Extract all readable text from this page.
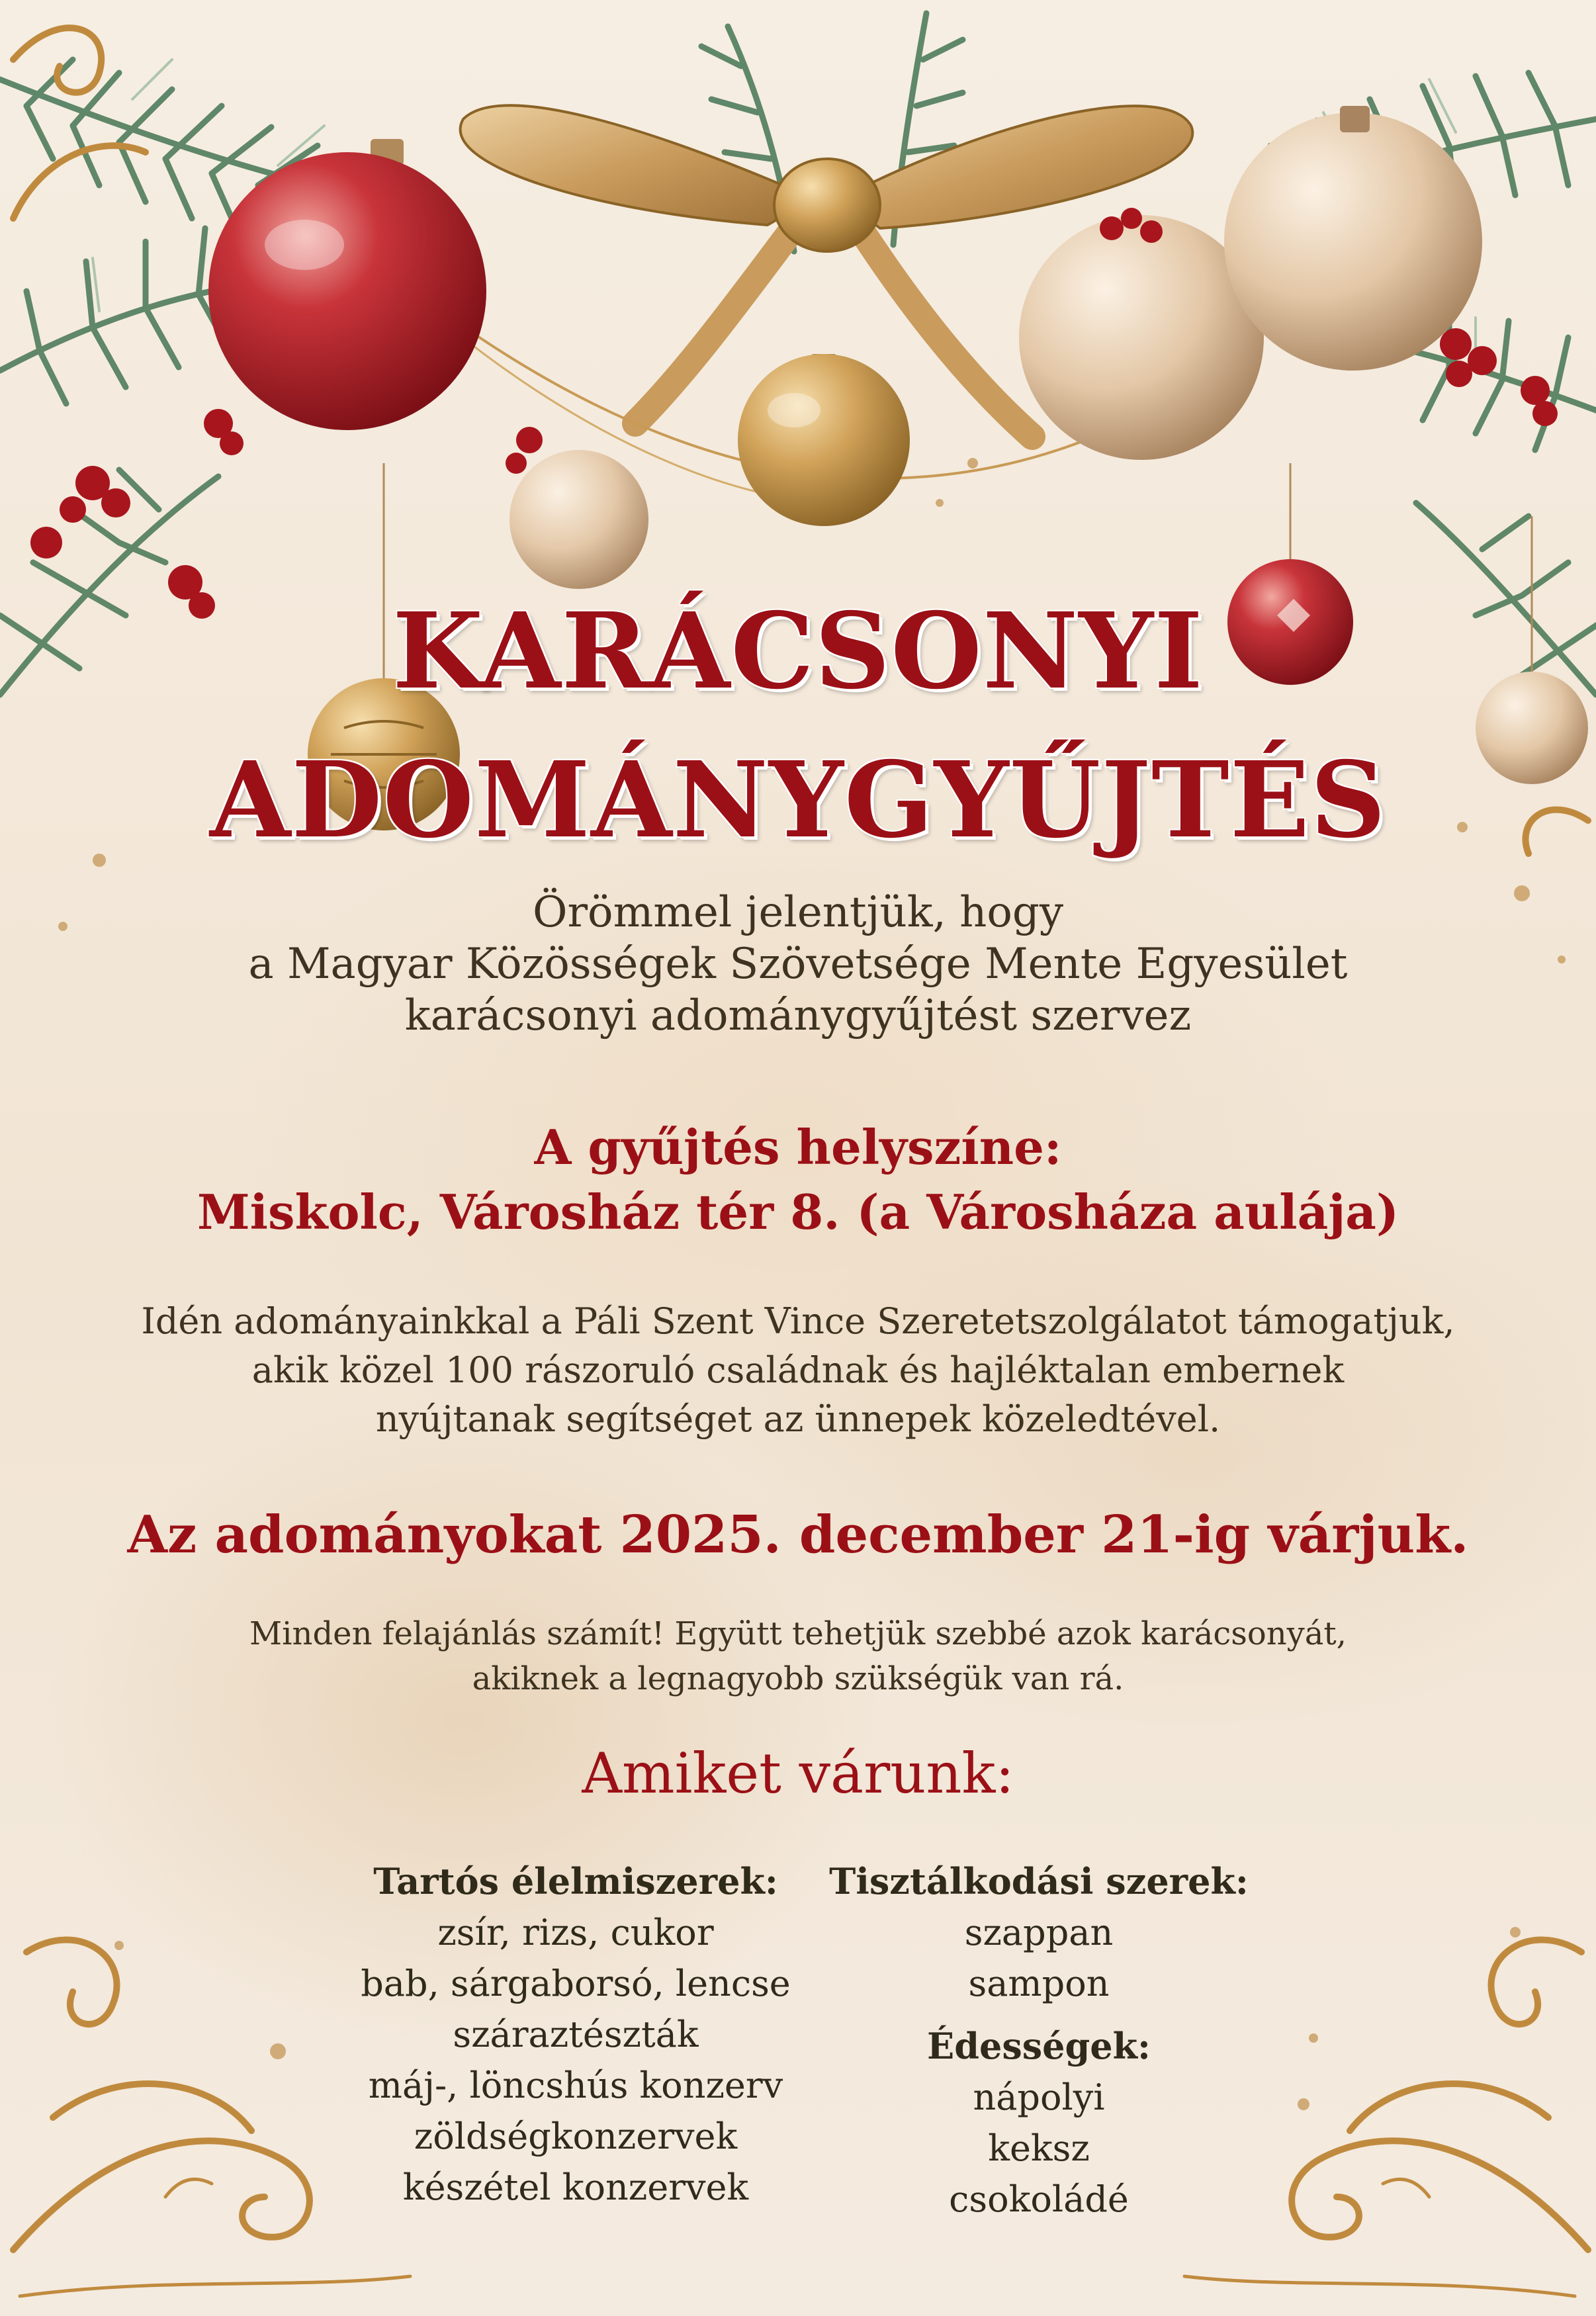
KARÁCSONYI
ADOMÁNYGYŰJTÉS
Örömmel jelentjük, hogy
a Magyar Közösségek Szövetsége Mente Egyesület
karácsonyi adománygyűjtést szervez
A gyűjtés helyszíne:
Miskolc, Városház tér 8. (a Városháza aulája)
Idén adományainkkal a Páli Szent Vince Szeretetszolgálatot támogatjuk,
akik közel 100 rászoruló családnak és hajléktalan embernek
nyújtanak segítséget az ünnepek közeledtével.
Az adományokat 2025. december 21-ig várjuk.
Minden felajánlás számít! Együtt tehetjük szebbé azok karácsonyát,
akiknek a legnagyobb szükségük van rá.
Amiket várunk:
Tartós élelmiszerek:
zsír, rizs, cukor
bab, sárgaborsó, lencse
száraztészták
máj-, löncshús konzerv
zöldségkonzervek
készétel konzervek
Tisztálkodási szerek:
szappan
sampon
Édességek:
nápolyi
keksz
csokoládé
